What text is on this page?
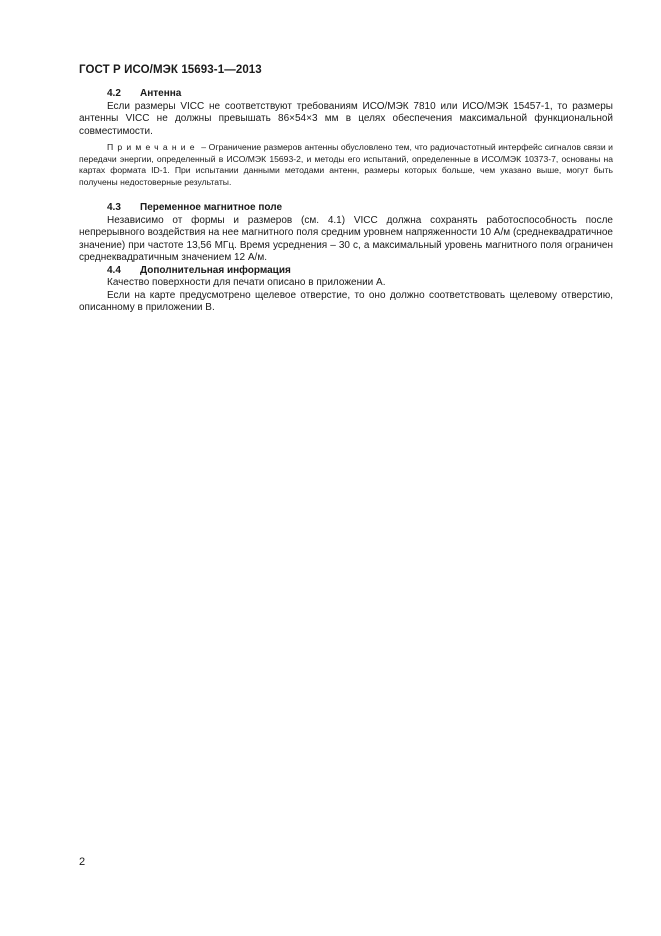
ГОСТ Р ИСО/МЭК 15693-1—2013
4.2 Антенна

Если размеры VICC не соответствуют требованиям ИСО/МЭК 7810 или ИСО/МЭК 15457-1, то размеры антенны VICC не должны превышать 86×54×3 мм в целях обеспечения максимальной функциональной совместимости.

Примечание – Ограничение размеров антенны обусловлено тем, что радиочастотный интерфейс сигналов связи и передачи энергии, определенный в ИСО/МЭК 15693-2, и методы его испытаний, определенные в ИСО/МЭК 10373-7, основаны на картах формата ID-1. При испытании данными методами антенн, размеры которых больше, чем указано выше, могут быть получены недостоверные результаты.

4.3 Переменное магнитное поле

Независимо от формы и размеров (см. 4.1) VICC должна сохранять работоспособность после непрерывного воздействия на нее магнитного поля средним уровнем напряженности 10 А/м (среднеквадратичное значение) при частоте 13,56 МГц. Время усреднения – 30 с, а максимальный уровень магнитного поля ограничен среднеквадратичным значением 12 А/м.

4.4 Дополнительная информация

Качество поверхности для печати описано в приложении А.

Если на карте предусмотрено щелевое отверстие, то оно должно соответствовать щелевому отверстию, описанному в приложении В.

2
